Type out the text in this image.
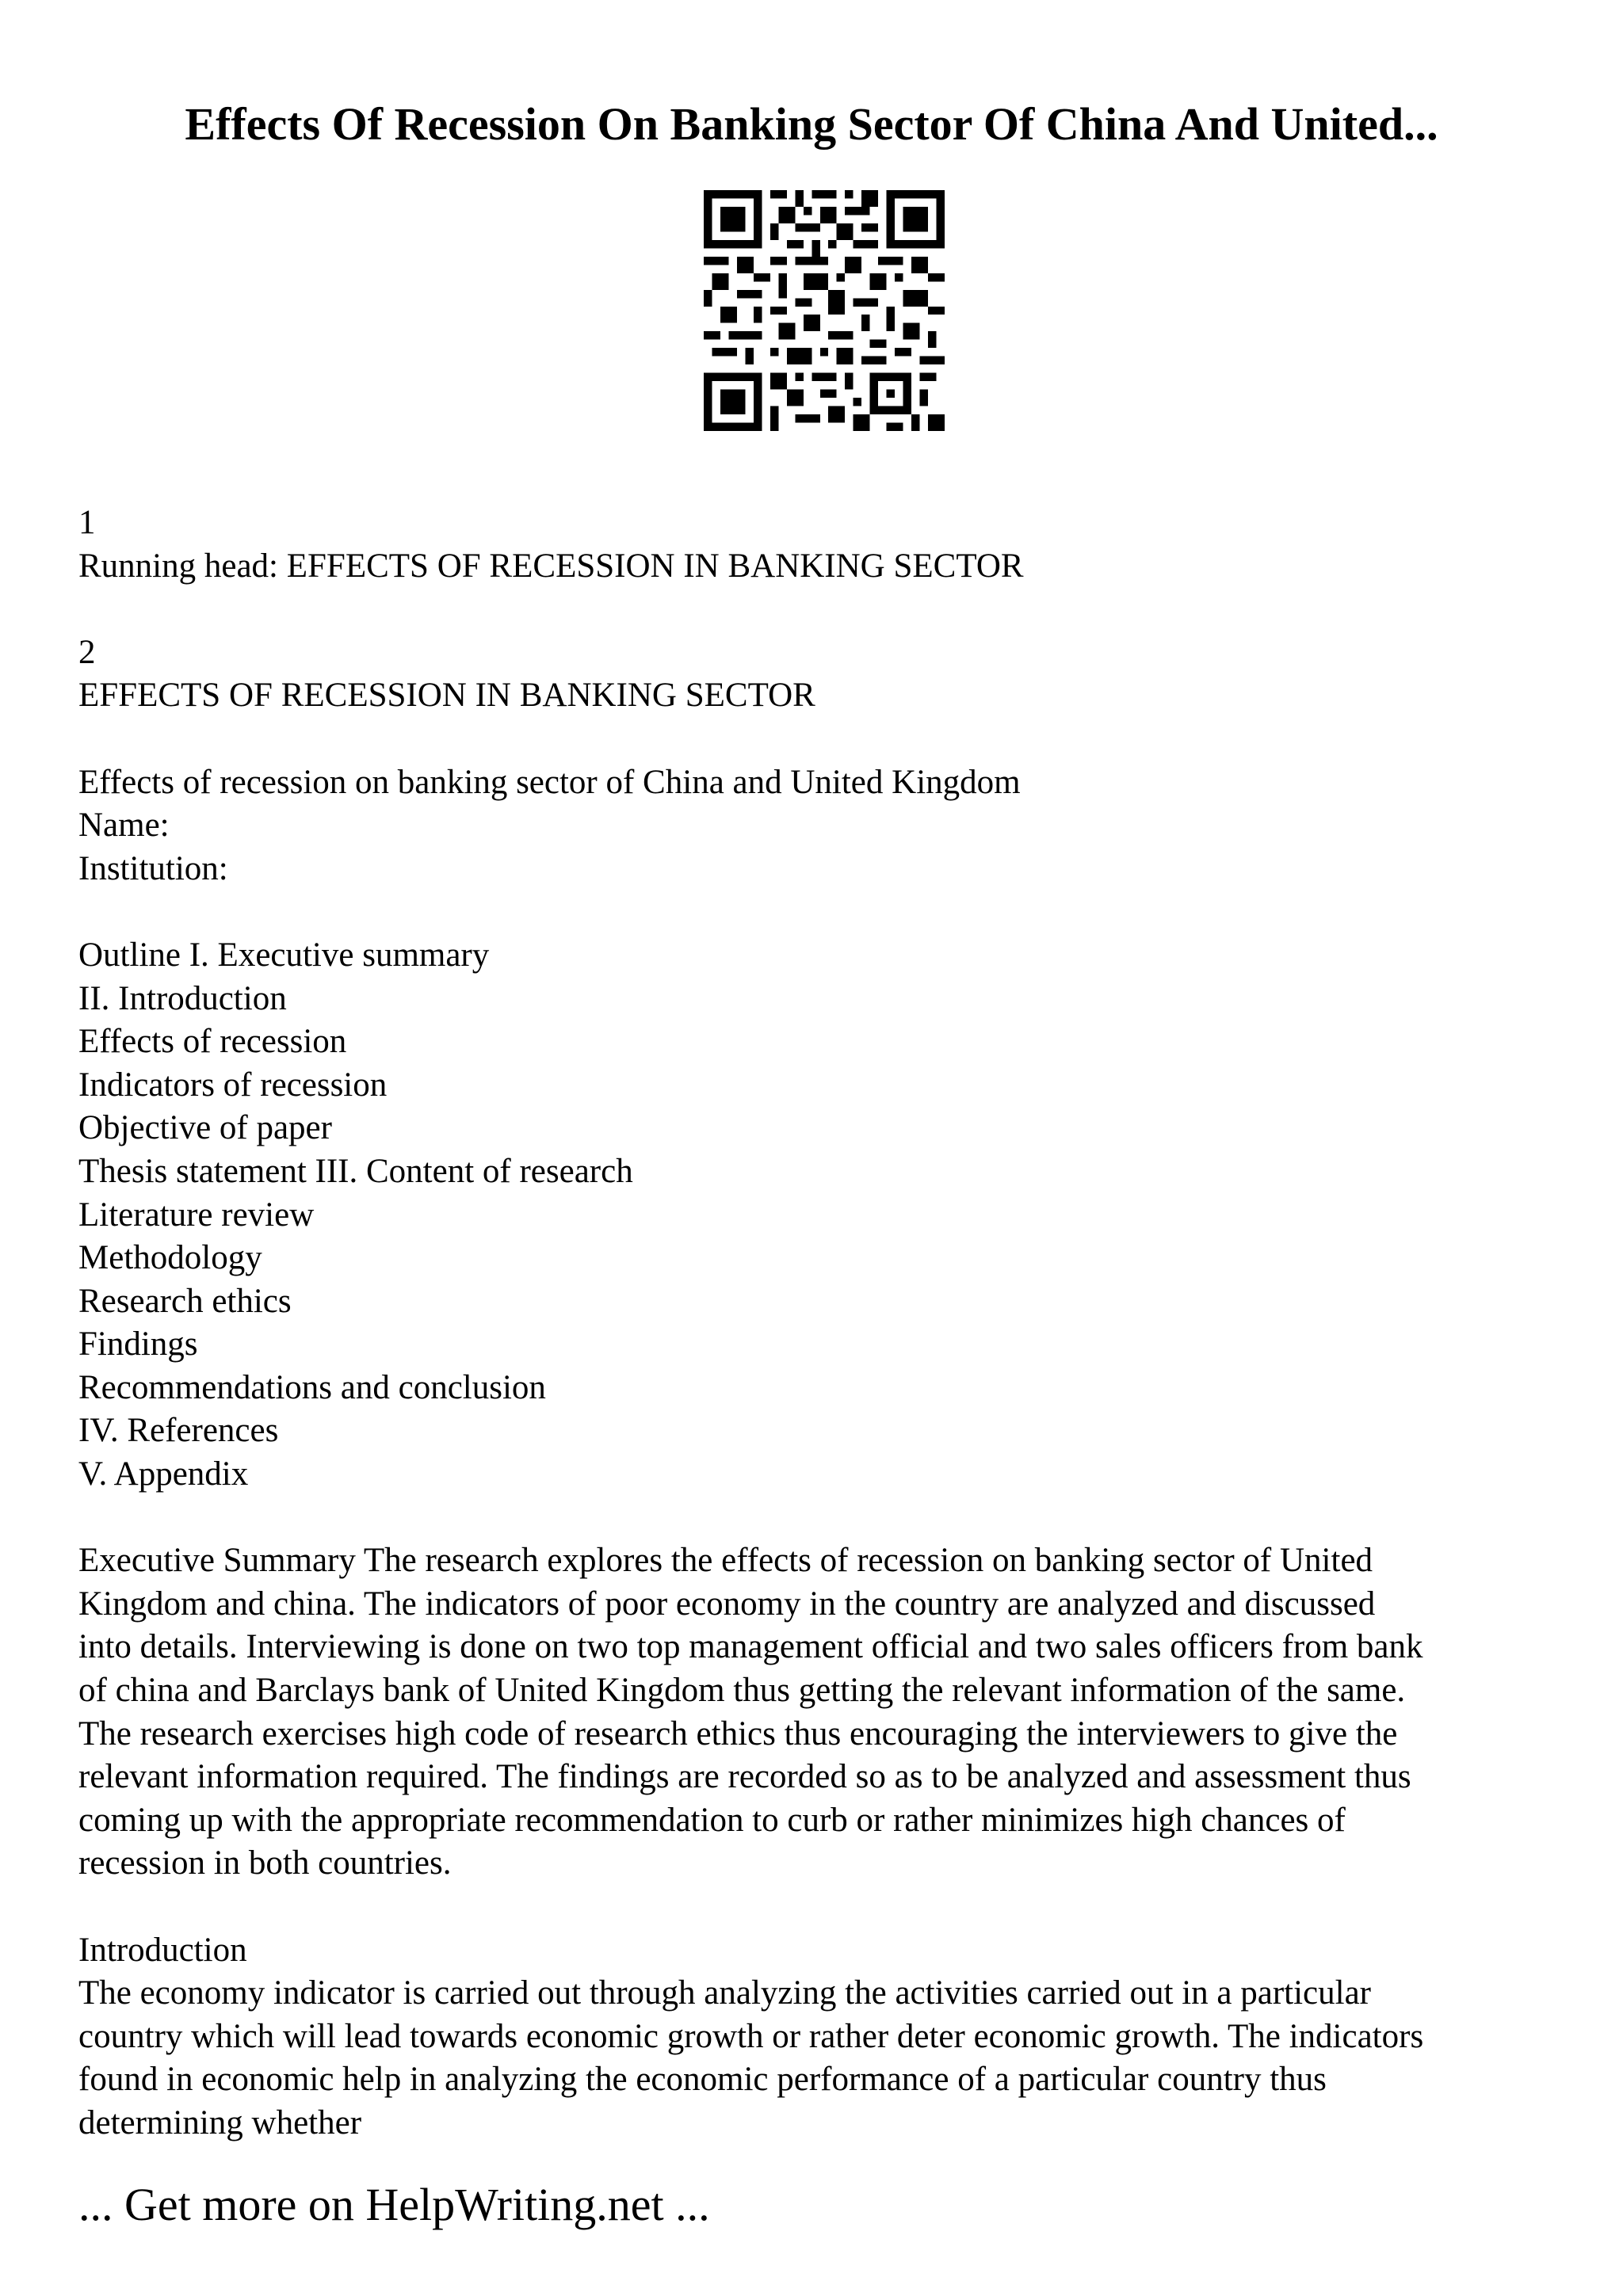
Effects Of Recession On Banking Sector Of China And United...
1
Running head: EFFECTS OF RECESSION IN BANKING SECTOR
2
EFFECTS OF RECESSION IN BANKING SECTOR
Effects of recession on banking sector of China and United Kingdom
Name:
Institution:
Outline I. Executive summary
II. Introduction
Effects of recession
Indicators of recession
Objective of paper
Thesis statement III. Content of research
Literature review
Methodology
Research ethics
Findings
Recommendations and conclusion
IV. References
V. Appendix
Executive Summary The research explores the effects of recession on banking sector of United
Kingdom and china. The indicators of poor economy in the country are analyzed and discussed
into details. Interviewing is done on two top management official and two sales officers from bank
of china and Barclays bank of United Kingdom thus getting the relevant information of the same.
The research exercises high code of research ethics thus encouraging the interviewers to give the
relevant information required. The findings are recorded so as to be analyzed and assessment thus
coming up with the appropriate recommendation to curb or rather minimizes high chances of
recession in both countries.
Introduction
The economy indicator is carried out through analyzing the activities carried out in a particular
country which will lead towards economic growth or rather deter economic growth. The indicators
found in economic help in analyzing the economic performance of a particular country thus
determining whether
... Get more on HelpWriting.net ...
